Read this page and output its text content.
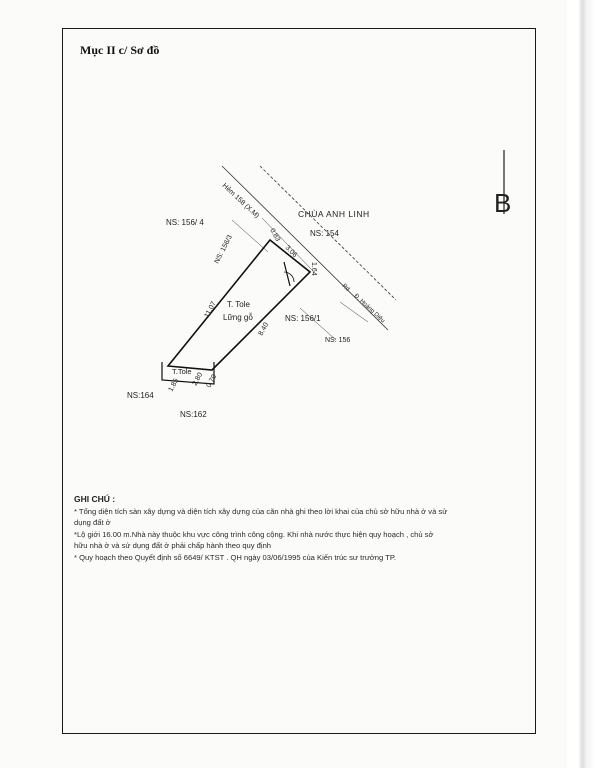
Mục II c/ Sơ đồ
Hẻm 158 (X.M)
Rd
Đ. Hoàng Diệu
CHÙA ANH LINH
NS: 156/ 4
NS: 156/3
NS: 154
NS: 156/1
NS: 156
NS:164
NS:162
T. Tole
Lững gỗ
T.Tole
0.83
3.06
1.64
11.07
8.40
2.80 0.70
1.85
B
GHI CHÚ :
* Tổng diện tích sàn xây dựng và diện tích xây dựng của căn nhà ghi theo lời khai của chủ sở hữu nhà ở và sử
dụng đất ở
*Lộ giới 16.00 m.Nhà này thuộc khu vực công trình công cộng. Khi nhà nước thực hiện quy hoạch , chủ sở
hữu nhà ở và sử dụng đất ở phải chấp hành theo quy định
* Quy hoạch theo Quyết định số 6649/ KTST . QH ngày 03/06/1995 của Kiến trúc sư trưởng TP.
